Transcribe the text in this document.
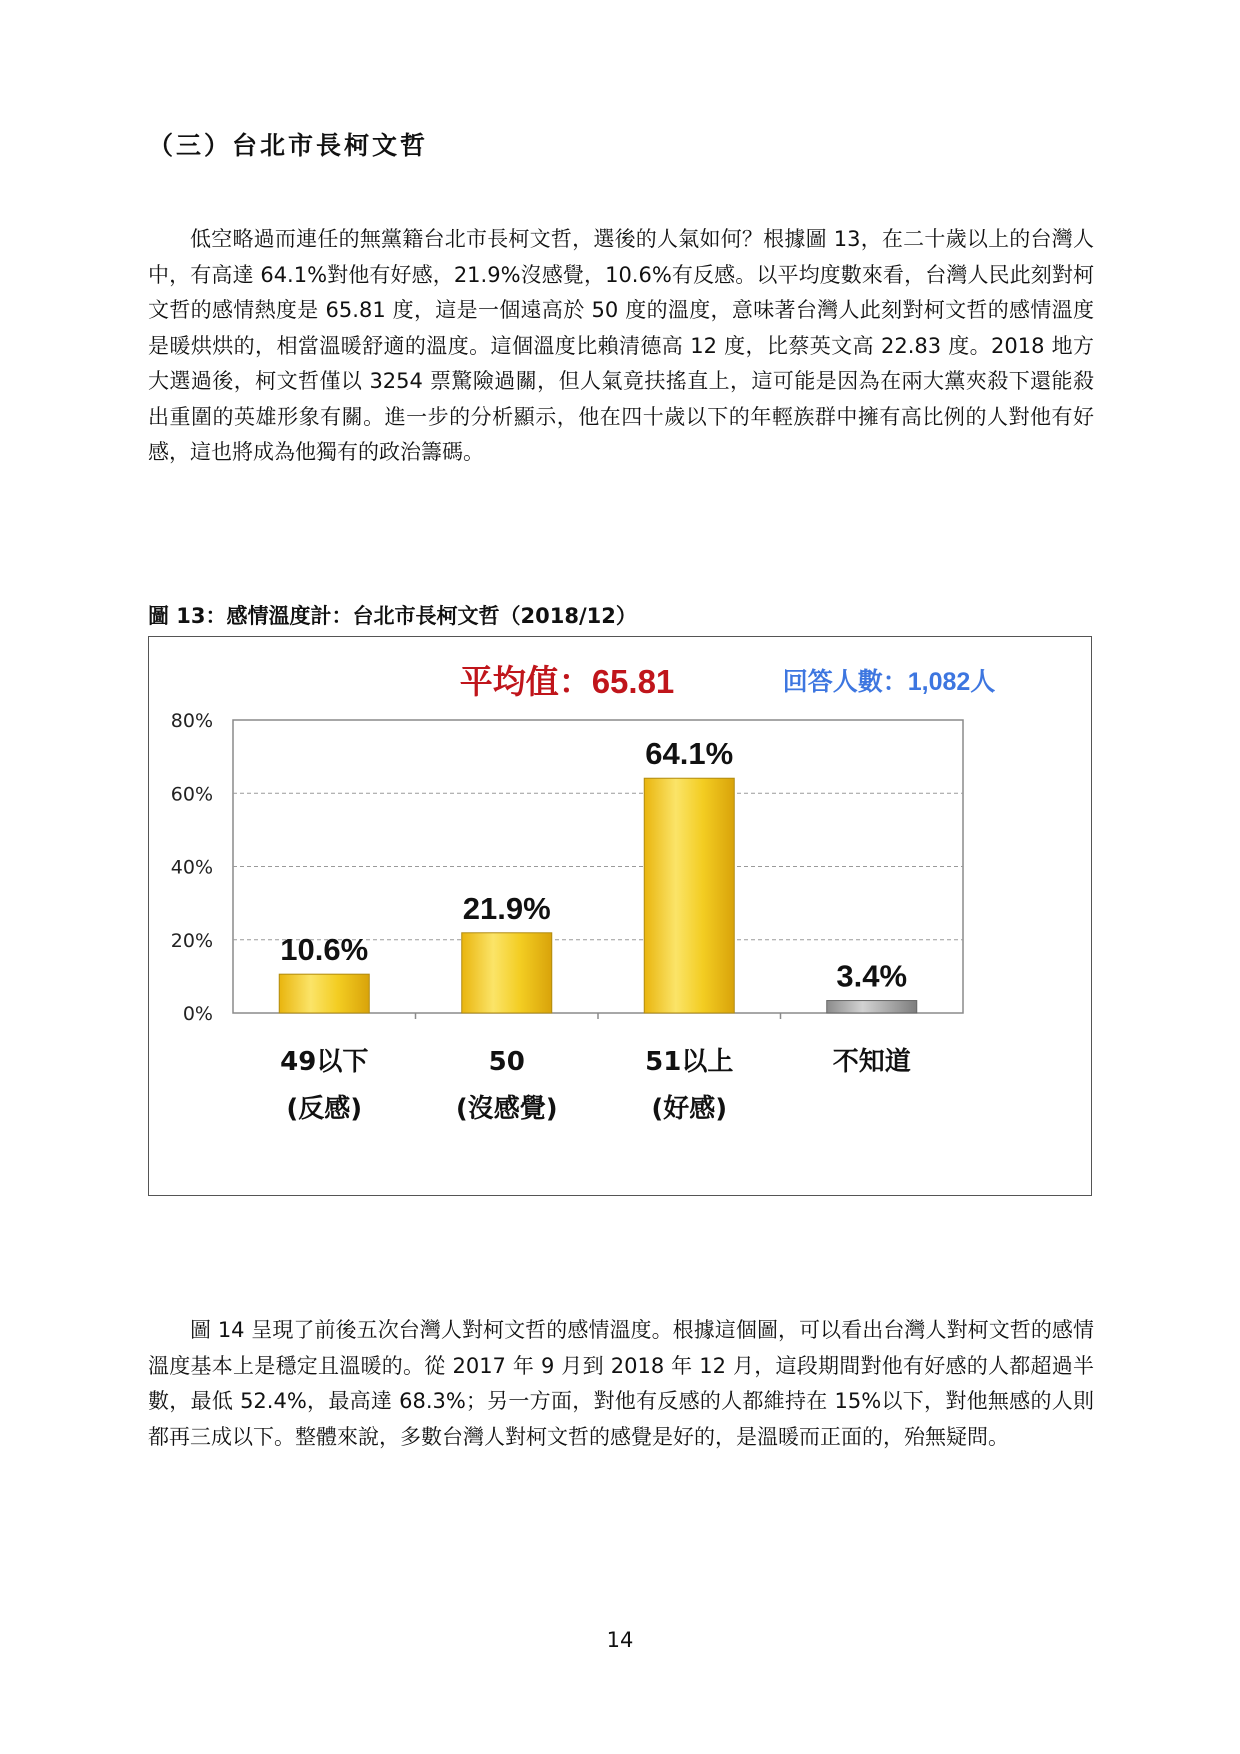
（三）台北市長柯文哲

低空略過而連任的無黨籍台北市長柯文哲，選後的人氣如何？根據圖 13，在二十歲以上的台灣人中，有高達 64.1%對他有好感，21.9%沒感覺，10.6%有反感。以平均度數來看，台灣人民此刻對柯文哲的感情熱度是 65.81 度，這是一個遠高於 50 度的溫度，意味著台灣人此刻對柯文哲的感情溫度是暖烘烘的，相當溫暖舒適的溫度。這個溫度比賴清德高 12 度，比蔡英文高 22.83 度。2018 地方大選過後，柯文哲僅以 3254 票驚險過關，但人氣竟扶搖直上，這可能是因為在兩大黨夾殺下還能殺出重圍的英雄形象有關。進一步的分析顯示，他在四十歲以下的年輕族群中擁有高比例的人對他有好感，這也將成為他獨有的政治籌碼。

圖 13：感情溫度計：台北市長柯文哲（2018/12）
平均值：65.81	回答人數：1,082人
0%
20%
40%
60%
80%
10.6%
49以下
(反感)
21.9%
50
(沒感覺)
64.1%
51以上
(好感)
3.4%
不知道

圖 14 呈現了前後五次台灣人對柯文哲的感情溫度。根據這個圖，可以看出台灣人對柯文哲的感情溫度基本上是穩定且溫暖的。從 2017 年 9 月到 2018 年 12 月，這段期間對他有好感的人都超過半數，最低 52.4%，最高達 68.3%；另一方面，對他有反感的人都維持在 15%以下，對他無感的人則都再三成以下。整體來說，多數台灣人對柯文哲的感覺是好的，是溫暖而正面的，殆無疑問。

14
